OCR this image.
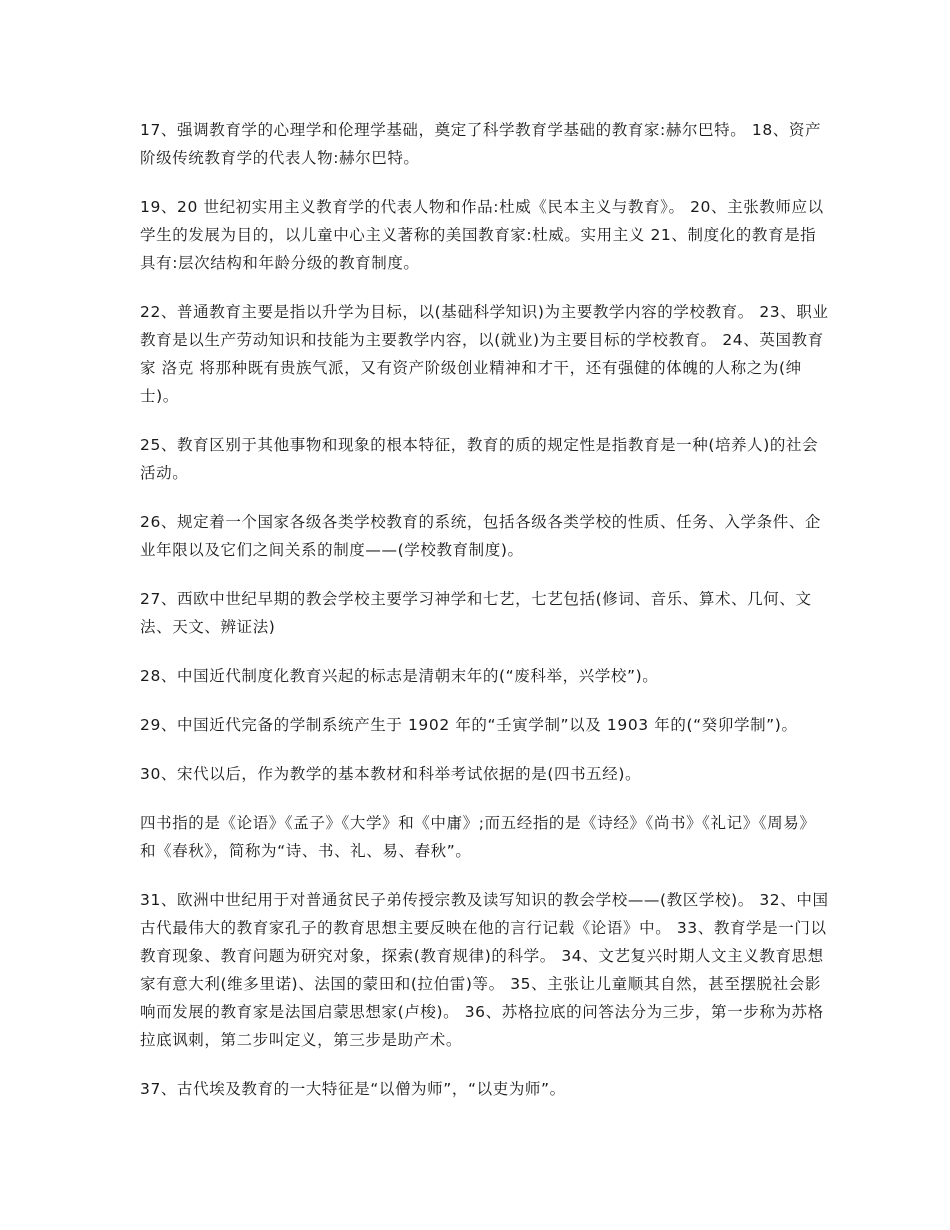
17、强调教育学的心理学和伦理学基础，奠定了科学教育学基础的教育家:赫尔巴特。 18、资产阶级传统教育学的代表人物:赫尔巴特。

19、20 世纪初实用主义教育学的代表人物和作品:杜威《民本主义与教育》。 20、主张教师应以学生的发展为目的，以儿童中心主义著称的美国教育家:杜威。实用主义 21、制度化的教育是指具有:层次结构和年龄分级的教育制度。

22、普通教育主要是指以升学为目标，以(基础科学知识)为主要教学内容的学校教育。 23、职业教育是以生产劳动知识和技能为主要教学内容，以(就业)为主要目标的学校教育。 24、英国教育家 洛克 将那种既有贵族气派，又有资产阶级创业精神和才干，还有强健的体魄的人称之为(绅士)。

25、教育区别于其他事物和现象的根本特征，教育的质的规定性是指教育是一种(培养人)的社会活动。

26、规定着一个国家各级各类学校教育的系统，包括各级各类学校的性质、任务、入学条件、企业年限以及它们之间关系的制度——(学校教育制度)。

27、西欧中世纪早期的教会学校主要学习神学和七艺，七艺包括(修词、音乐、算术、几何、文法、天文、辨证法)

28、中国近代制度化教育兴起的标志是清朝末年的(“废科举，兴学校”)。

29、中国近代完备的学制系统产生于 1902 年的“壬寅学制”以及 1903 年的(“癸卯学制”)。

30、宋代以后，作为教学的基本教材和科举考试依据的是(四书五经)。

四书指的是《论语》《孟子》《大学》和《中庸》;而五经指的是《诗经》《尚书》《礼记》《周易》和《春秋》，简称为“诗、书、礼、易、春秋”。

31、欧洲中世纪用于对普通贫民子弟传授宗教及读写知识的教会学校——(教区学校)。 32、中国古代最伟大的教育家孔子的教育思想主要反映在他的言行记载《论语》中。 33、教育学是一门以教育现象、教育问题为研究对象，探索(教育规律)的科学。 34、文艺复兴时期人文主义教育思想家有意大利(维多里诺)、法国的蒙田和(拉伯雷)等。 35、主张让儿童顺其自然，甚至摆脱社会影响而发展的教育家是法国启蒙思想家(卢梭)。 36、苏格拉底的问答法分为三步，第一步称为苏格拉底讽刺，第二步叫定义，第三步是助产术。

37、古代埃及教育的一大特征是“以僧为师”，“以吏为师”。
